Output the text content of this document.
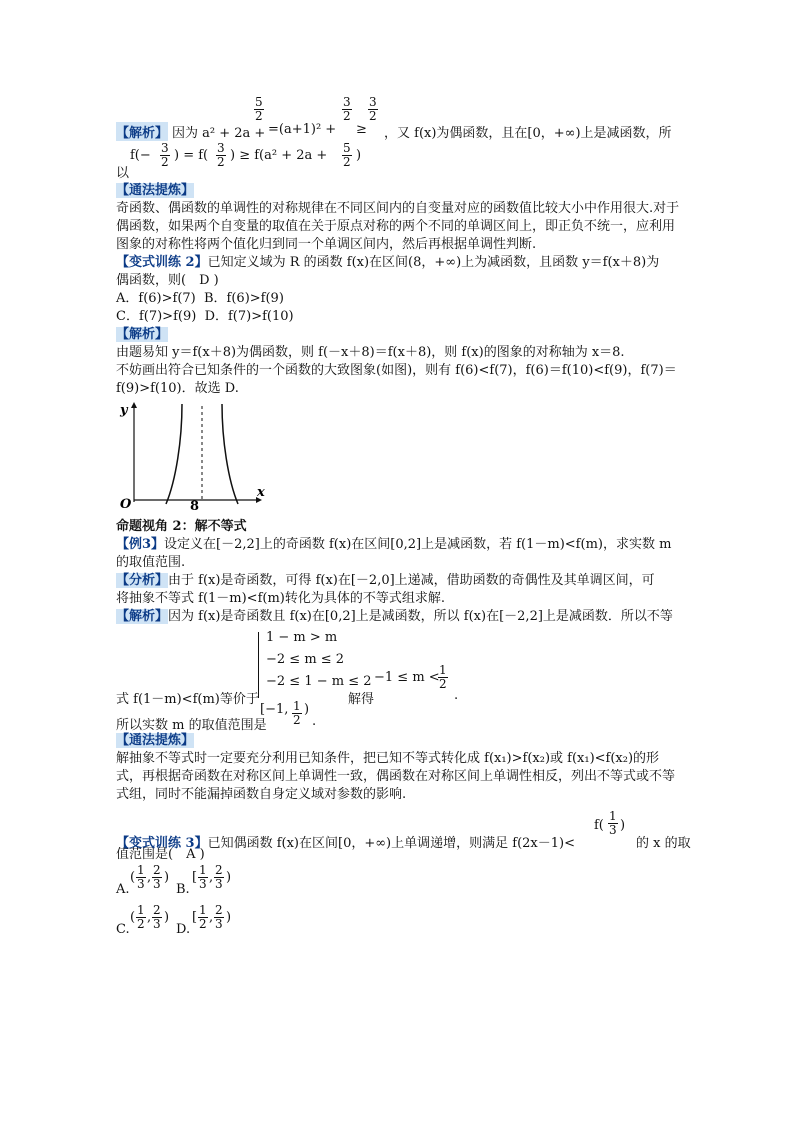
【解析】 因为 a² + 2a +
$\frac{5}{2}$
=(a+1)² +
$\frac{3}{2}$
≥
$\frac{3}{2}$
，又 f(x)为偶函数，且在[0，+∞)上是减函数，所
$f(- \frac{3}{2}$ ) = $f( \frac{3}{2}$ ) ≥ $f(a^2 + 2a + \frac{5}{2}$ )
以
【通法提炼】
奇函数、偶函数的单调性的对称规律在不同区间内的自变量对应的函数值比较大小中作用很大.对于偶函数，如果两个自变量的取值在关于原点对称的两个不同的单调区间上，即正负不统一，应利用图象的对称性将两个值化归到同一个单调区间内，然后再根据单调性判断.
【变式训练 2】已知定义域为 R 的函数 f(x)在区间(8，+∞)上为减函数，且函数 y＝f(x＋8)为
偶函数，则(　D )
A．f(6)>f(7) B．f(6)>f(9)
C．f(7)>f(9) D．f(7)>f(10)
【解析】
由题易知 y＝f(x＋8)为偶函数，则 f(－x＋8)＝f(x＋8)，则 f(x)的图象的对称轴为 x＝8.
不妨画出符合已知条件的一个函数的大致图象(如图)，则有 f(6)<f(7)，f(6)＝f(10)<f(9)，f(7)＝
f(9)>f(10)．故选 D.
y
x
O	8
命题视角 2：解不等式
【例3】设定义在[－2,2]上的奇函数 f(x)在区间[0,2]上是减函数，若 f(1－m)<f(m)，求实数 m
的取值范围.
【分析】由于 f(x)是奇函数，可得 f(x)在[－2,0]上递减，借助函数的奇偶性及其单调区间，可
将抽象不等式 f(1－m)<f(m)转化为具体的不等式组求解.
【解析】因为 f(x)是奇函数且 f(x)在[0,2]上是减函数，所以 f(x)在[－2,2]上是减函数．所以不等
1 − m > m
−2 ≤ m ≤ 2
−2 ≤ 1 − m ≤ 2
式 f(1－m)<f(m)等价于	解得
−1 ≤ m <
$\frac{1}{2}$
.
所以实数 m 的取值范围是
[−1, $\frac{1}{2}$ )
.
【通法提炼】
解抽象不等式时一定要充分利用已知条件，把已知不等式转化成 f(x₁)>f(x₂)或 f(x₁)<f(x₂)的形式，再根据奇函数在对称区间上单调性一致，偶函数在对称区间上单调性相反，列出不等式或不等式组，同时不能漏掉函数自身定义域对参数的影响.
【变式训练 3】已知偶函数 f(x)在区间[0，+∞)上单调递增，则满足 f(2x－1)<
$f( \frac{1}{3}$ )
的 x 的取
值范围是(　A )
A.
( $\frac{1}{3}$ , $\frac{2}{3}$ )
B.
[ $\frac{1}{3}$ , $\frac{2}{3}$ )
C.
( $\frac{1}{2}$ , $\frac{2}{3}$ )
D.
[ $\frac{1}{2}$ , $\frac{2}{3}$ )
